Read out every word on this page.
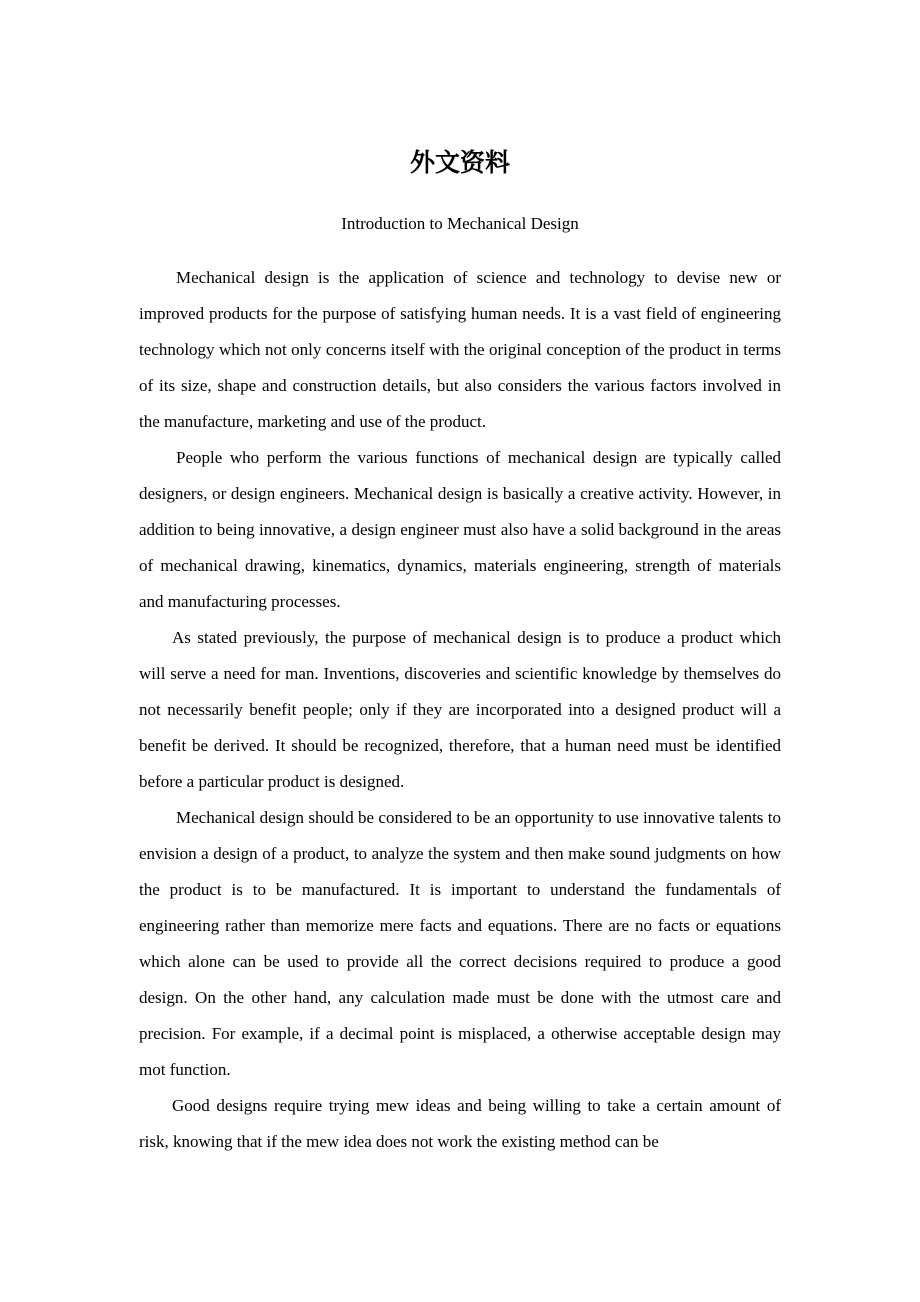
外文资料

Introduction to Mechanical Design

Mechanical design is the application of science and technology to devise new or improved products for the purpose of satisfying human needs. It is a vast field of engineering technology which not only concerns itself with the original conception of the product in terms of its size, shape and construction details, but also considers the various factors involved in the manufacture, marketing and use of the product.

People who perform the various functions of mechanical design are typically called designers, or design engineers. Mechanical design is basically a creative activity. However, in addition to being innovative, a design engineer must also have a solid background in the areas of mechanical drawing, kinematics, dynamics, materials engineering, strength of materials and manufacturing processes.

As stated previously, the purpose of mechanical design is to produce a product which will serve a need for man. Inventions, discoveries and scientific knowledge by themselves do not necessarily benefit people; only if they are incorporated into a designed product will a benefit be derived. It should be recognized, therefore, that a human need must be identified before a particular product is designed.

Mechanical design should be considered to be an opportunity to use innovative talents to envision a design of a product, to analyze the system and then make sound judgments on how the product is to be manufactured. It is important to understand the fundamentals of engineering rather than memorize mere facts and equations. There are no facts or equations which alone can be used to provide all the correct decisions required to produce a good design. On the other hand, any calculation made must be done with the utmost care and precision. For example, if a decimal point is misplaced, a otherwise acceptable design may mot function.

Good designs require trying mew ideas and being willing to take a certain amount of risk, knowing that if the mew idea does not work the existing method can be
